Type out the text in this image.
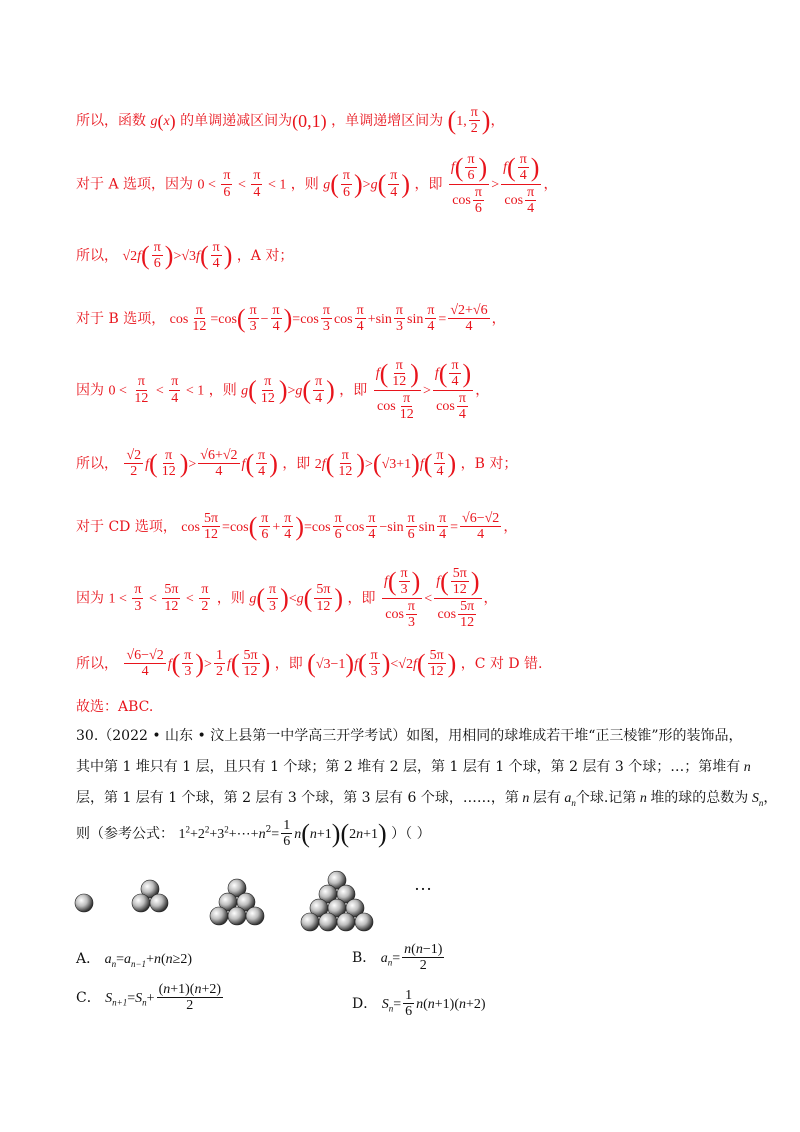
所以，函数 g(x) 的单调递减区间为(0,1) ，单调递增区间为 (1, $\frac{\pi}{2}$ )，
对于 A 选项，因为 $0 < \frac{\pi}{6} < \frac{\pi}{4} < 1$ ，则 $g( \frac{\pi}{6} )>g( \frac{\pi}{4}$ ) ，即 $\frac{f( \frac{\pi}{6} )}{\cos \frac{\pi}{6}} > \frac{f( \frac{\pi}{4} )}{\cos \frac{\pi}{4}}$ ，
所以， $√2f( \frac{\pi}{6} )>√3f( \frac{\pi}{4}$ ) ，A 对；
对于 B 选项， $\cos \frac{\pi}{12} =\cos( \frac{\pi}{3} - \frac{\pi}{4} )=\cos \frac{\pi}{3}$ $\cos \frac{\pi}{4} +\sin \frac{\pi}{3}$ $\sin \frac{\pi}{4} = \frac{√2+√6}{4}$ ，
因为 $0 < \frac{\pi}{12} < \frac{\pi}{4} < 1$ ，则 $g( \frac{\pi}{12} )>g( \frac{\pi}{4}$ ) ，即 $\frac{f( \frac{\pi}{12} )}{\cos \frac{\pi}{12}} > \frac{f( \frac{\pi}{4} )}{\cos \frac{\pi}{4}}$ ，
所以， $\frac{√2}{2} f( \frac{\pi}{12}$ )> $\frac{√6+√2}{4} f( \frac{\pi}{4}$ ) ，即 $2f( \frac{\pi}{12} )>(√3+1)f( \frac{\pi}{4}$ ) ，B 对；
对于 CD 选项， $\cos \frac{5\pi}{12} =\cos( \frac{\pi}{6} + \frac{\pi}{4} )=\cos \frac{\pi}{6}$ $\cos \frac{\pi}{4} -\sin \frac{\pi}{6}$ $\sin \frac{\pi}{4} = \frac{√6-√2}{4}$ ，
因为 $1 < \frac{\pi}{3} < \frac{5\pi}{12} < \frac{\pi}{2}$ ，则 $g( \frac{\pi}{3} )<g( \frac{5\pi}{12}$ ) ，即 $\frac{f( \frac{\pi}{3} )}{\cos \frac{\pi}{3}} < \frac{f( \frac{5\pi}{12} )}{\cos \frac{5\pi}{12}}$ ，
所以， $\frac{√6-√2}{4} f( \frac{\pi}{3}$ )> $\frac{1}{2} f( \frac{5\pi}{12}$ ) ，即 $(√3-1)f( \frac{\pi}{3} )<√2f( \frac{5\pi}{12}$ ) ，C 对 D 错.
故选：ABC.
30.（2022 • 山东 • 汶上县第一中学高三开学考试）如图，用相同的球堆成若干堆“正三棱锥”形的装饰品，
其中第 1 堆只有 1 层，且只有 1 个球；第 2 堆有 2 层，第 1 层有 1 个球，第 2 层有 3 个球；…；第堆有 n
层，第 1 层有 1 个球，第 2 层有 3 个球，第 3 层有 6 个球，……，第 n 层有 $a_n$个球.记第 n 堆的球的总数为 $S_n$，
则（参考公式： $1^2+2^2+3^2+\cdots+n^2= \frac{1}{6} n(n+1)(2n+1)$ ）（ ）
…
A． $a_n=a_{n-1}+n(n\ge 2)$	B． $a_n= \frac{n(n-1)}{2}$
C． $S_{n+1}=S_n+ \frac{(n+1)(n+2)}{2}$	D． $S_n= \frac{1}{6} n(n+1)(n+2)$
